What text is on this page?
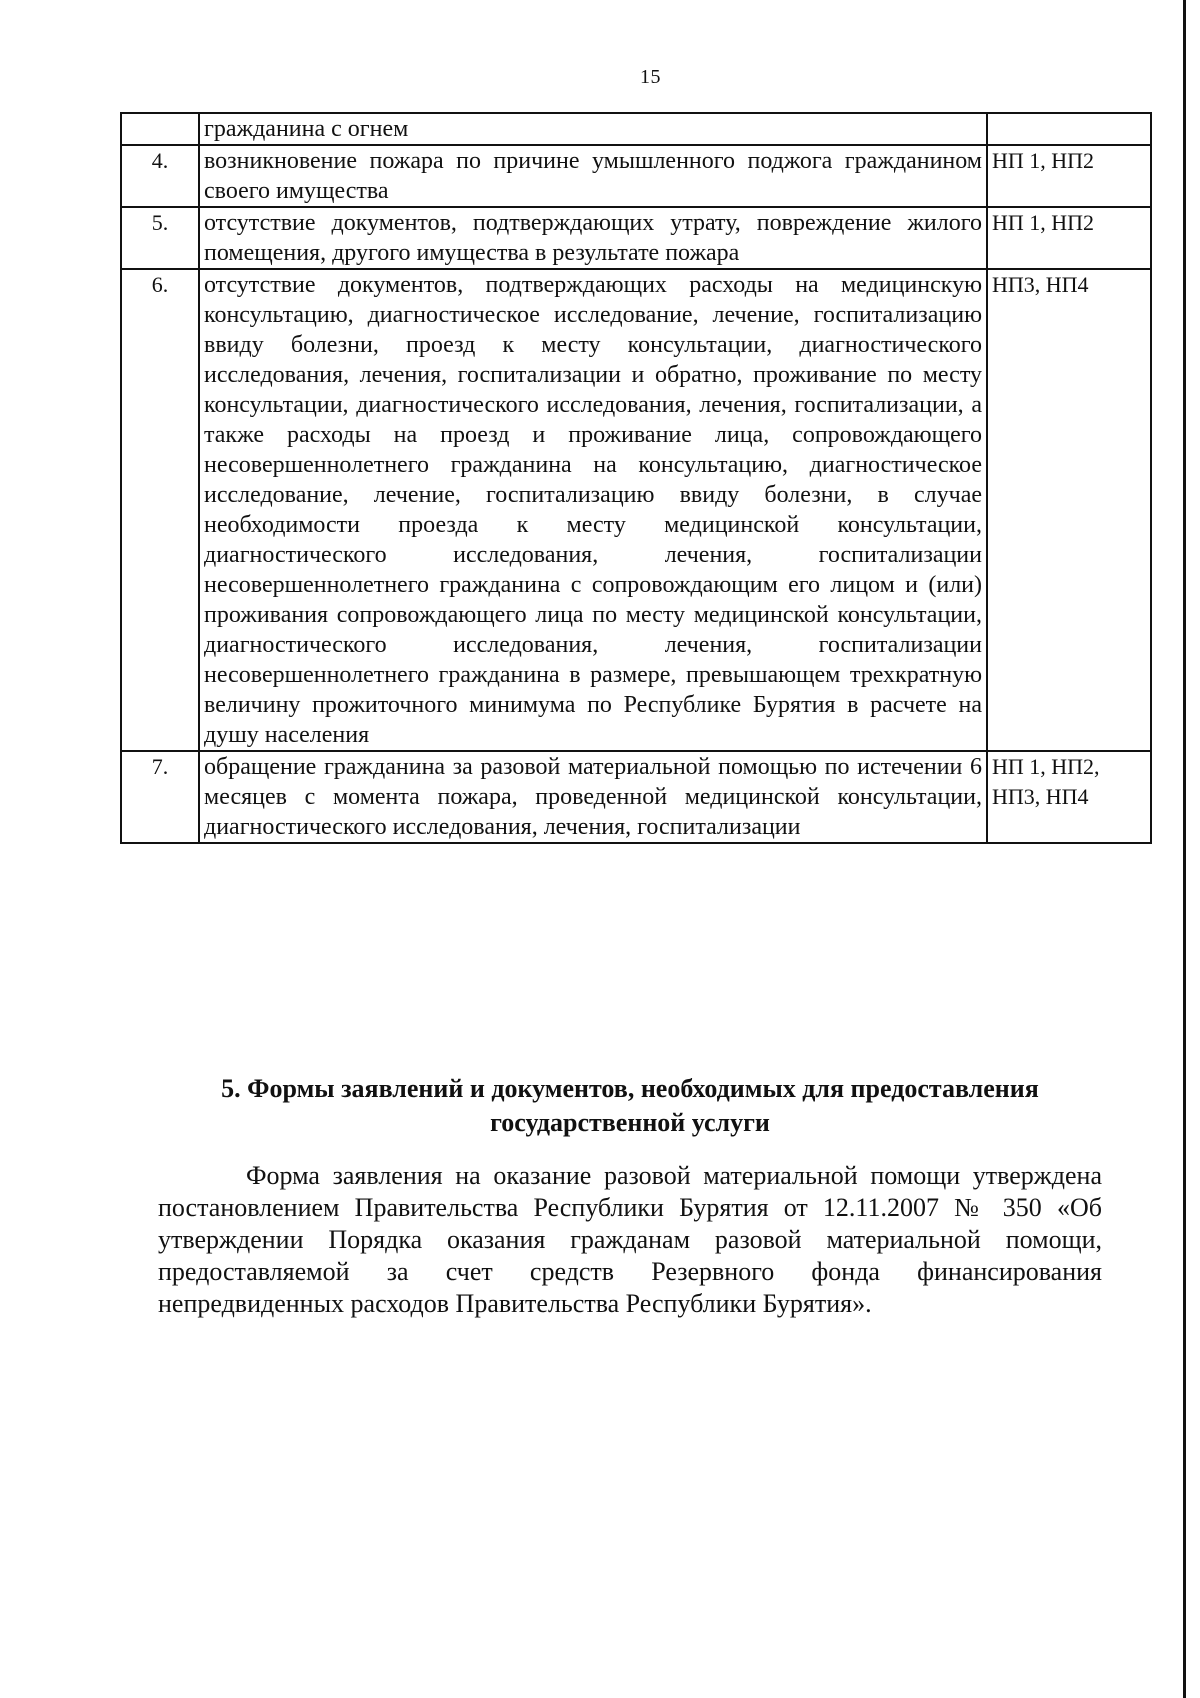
15
	гражданина с огнем	
4.	возникновение пожара по причине умышленного поджога гражданином своего имущества	НП 1, НП2
5.	отсутствие документов, подтверждающих утрату, повреждение жилого помещения, другого имущества в результате пожара	НП 1, НП2
6.	отсутствие документов, подтверждающих расходы на медицинскую консультацию, диагностическое исследование, лечение, госпитализацию ввиду болезни, проезд к месту консультации, диагностического исследования, лечения, госпитализации и обратно, проживание по месту консультации, диагностического исследования, лечения, госпитализации, а также расходы на проезд и проживание лица, сопровождающего несовершеннолетнего гражданина на консультацию, диагностическое исследование, лечение, госпитализацию ввиду болезни, в случае необходимости проезда к месту медицинской консультации, диагностического исследования, лечения, госпитализации несовершеннолетнего гражданина с сопровождающим его лицом и (или) проживания сопровождающего лица по месту медицинской консультации, диагностического исследования, лечения, госпитализации несовершеннолетнего гражданина в размере, превышающем трехкратную величину прожиточного минимума по Республике Бурятия в расчете на душу населения	НП3, НП4
7.	обращение гражданина за разовой материальной помощью по истечении 6 месяцев с момента пожара, проведенной медицинской консультации, диагностического исследования, лечения, госпитализации	НП 1, НП2, НП3, НП4
5. Формы заявлений и документов, необходимых для предоставления государственной услуги
Форма заявления на оказание разовой материальной помощи утверждена постановлением Правительства Республики Бурятия от 12.11.2007 № 350 «Об утверждении Порядка оказания гражданам разовой материальной помощи, предоставляемой за счет средств Резервного фонда финансирования непредвиденных расходов Правительства Республики Бурятия».
